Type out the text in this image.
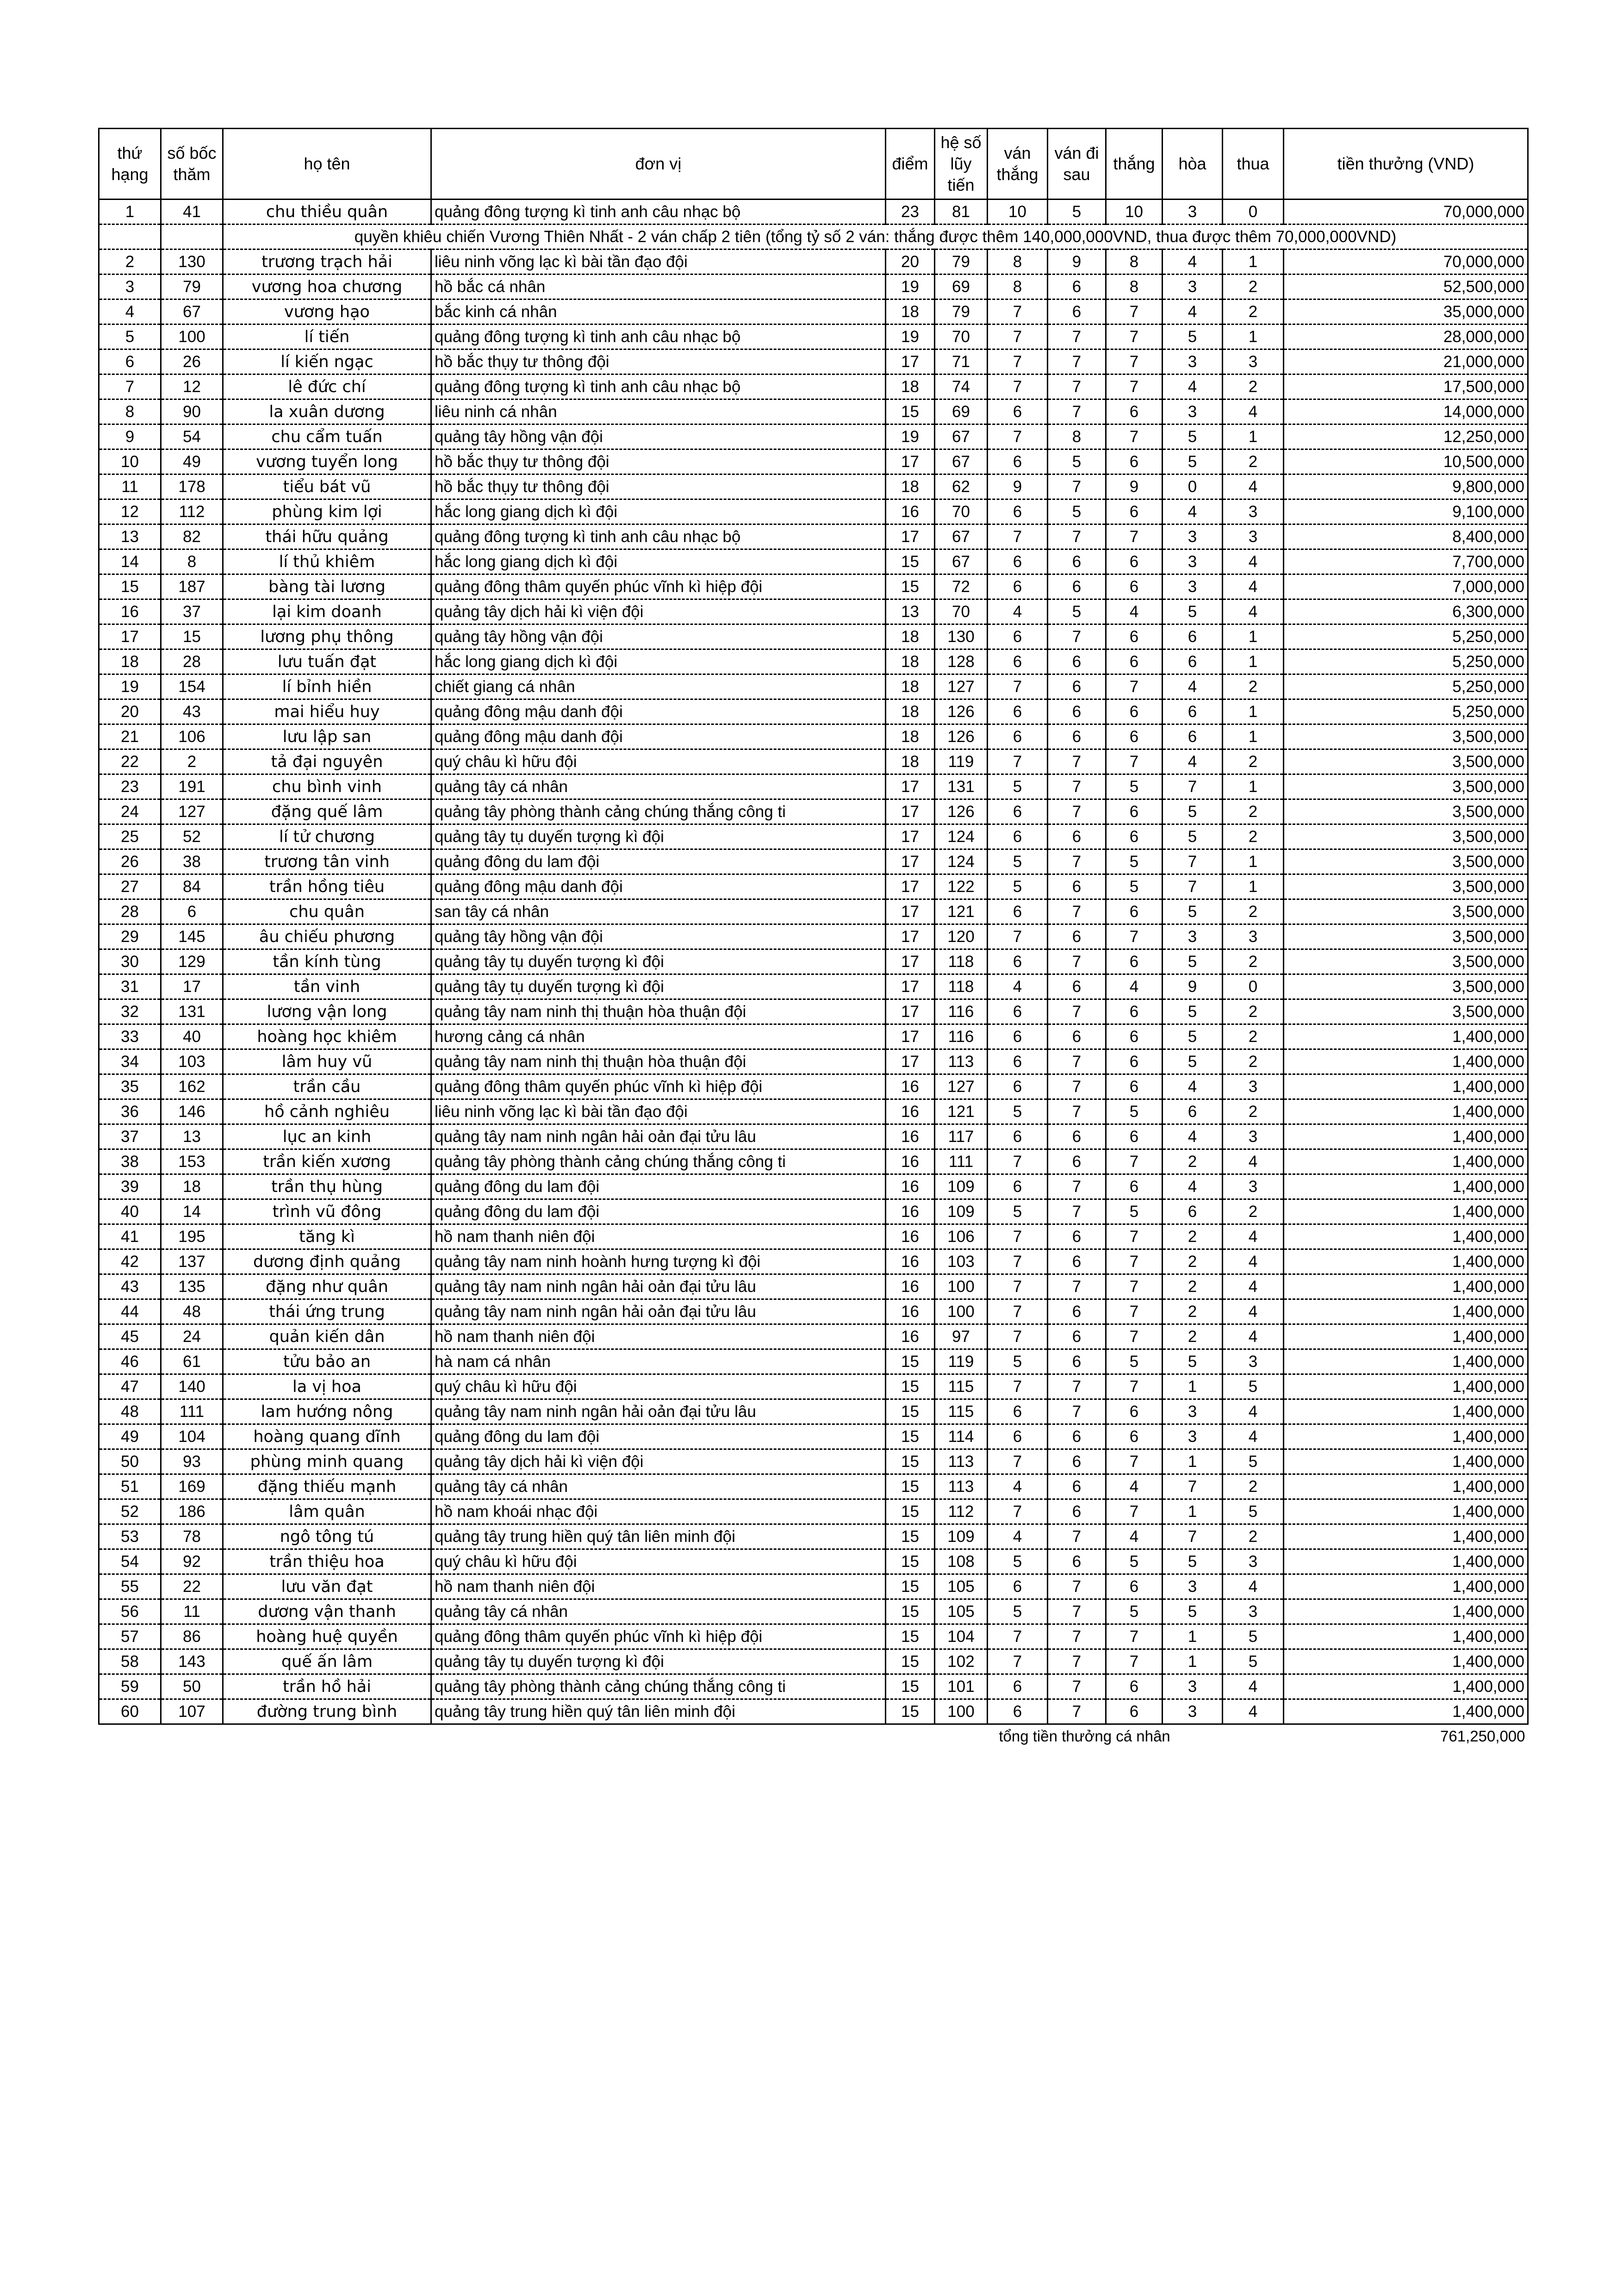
thứ hạng	số bốc thăm	họ tên	đơn vị	điểm	hệ số lũy tiến	ván thắng	ván đi sau	thắng	hòa	thua	tiền thưởng (VND)
1	41	chu thiều quân	quảng đông tượng kì tinh anh câu nhạc bộ	23	81	10	5	10	3	0	70,000,000
		quyền khiêu chiến Vương Thiên Nhất - 2 ván chấp 2 tiên (tổng tỷ số 2 ván: thắng được thêm 140,000,000VND, thua được thêm 70,000,000VND)									
2	130	trương trạch hải	liêu ninh võng lạc kì bài tần đạo đội	20	79	8	9	8	4	1	70,000,000
3	79	vương hoa chương	hồ bắc cá nhân	19	69	8	6	8	3	2	52,500,000
4	67	vương hạo	bắc kinh cá nhân	18	79	7	6	7	4	2	35,000,000
5	100	lí tiến	quảng đông tượng kì tinh anh câu nhạc bộ	19	70	7	7	7	5	1	28,000,000
6	26	lí kiến ngạc	hồ bắc thụy tư thông đội	17	71	7	7	7	3	3	21,000,000
7	12	lê đức chí	quảng đông tượng kì tinh anh câu nhạc bộ	18	74	7	7	7	4	2	17,500,000
8	90	la xuân dương	liêu ninh cá nhân	15	69	6	7	6	3	4	14,000,000
9	54	chu cẩm tuấn	quảng tây hồng vận đội	19	67	7	8	7	5	1	12,250,000
10	49	vương tuyển long	hồ bắc thụy tư thông đội	17	67	6	5	6	5	2	10,500,000
11	178	tiểu bát vũ	hồ bắc thụy tư thông đội	18	62	9	7	9	0	4	9,800,000
12	112	phùng kim lợi	hắc long giang dịch kì đội	16	70	6	5	6	4	3	9,100,000
13	82	thái hữu quảng	quảng đông tượng kì tinh anh câu nhạc bộ	17	67	7	7	7	3	3	8,400,000
14	8	lí thủ khiêm	hắc long giang dịch kì đội	15	67	6	6	6	3	4	7,700,000
15	187	bàng tài lương	quảng đông thâm quyến phúc vĩnh kì hiệp đội	15	72	6	6	6	3	4	7,000,000
16	37	lại kim doanh	quảng tây dịch hải kì viện đội	13	70	4	5	4	5	4	6,300,000
17	15	lương phụ thông	quảng tây hồng vận đội	18	130	6	7	6	6	1	5,250,000
18	28	lưu tuấn đạt	hắc long giang dịch kì đội	18	128	6	6	6	6	1	5,250,000
19	154	lí bỉnh hiền	chiết giang cá nhân	18	127	7	6	7	4	2	5,250,000
20	43	mai hiểu huy	quảng đông mậu danh đội	18	126	6	6	6	6	1	5,250,000
21	106	lưu lập san	quảng đông mậu danh đội	18	126	6	6	6	6	1	3,500,000
22	2	tả đại nguyên	quý châu kì hữu đội	18	119	7	7	7	4	2	3,500,000
23	191	chu bình vinh	quảng tây cá nhân	17	131	5	7	5	7	1	3,500,000
24	127	đặng quế lâm	quảng tây phòng thành cảng chúng thắng công ti	17	126	6	7	6	5	2	3,500,000
25	52	lí tử chương	quảng tây tụ duyến tượng kì đội	17	124	6	6	6	5	2	3,500,000
26	38	trương tân vinh	quảng đông du lam đội	17	124	5	7	5	7	1	3,500,000
27	84	trần hồng tiêu	quảng đông mậu danh đội	17	122	5	6	5	7	1	3,500,000
28	6	chu quân	san tây cá nhân	17	121	6	7	6	5	2	3,500,000
29	145	âu chiếu phương	quảng tây hồng vận đội	17	120	7	6	7	3	3	3,500,000
30	129	tần kính tùng	quảng tây tụ duyến tượng kì đội	17	118	6	7	6	5	2	3,500,000
31	17	tần vinh	quảng tây tụ duyến tượng kì đội	17	118	4	6	4	9	0	3,500,000
32	131	lương vận long	quảng tây nam ninh thị thuận hòa thuận đội	17	116	6	7	6	5	2	3,500,000
33	40	hoàng học khiêm	hương cảng cá nhân	17	116	6	6	6	5	2	1,400,000
34	103	lâm huy vũ	quảng tây nam ninh thị thuận hòa thuận đội	17	113	6	7	6	5	2	1,400,000
35	162	trần cầu	quảng đông thâm quyến phúc vĩnh kì hiệp đội	16	127	6	7	6	4	3	1,400,000
36	146	hồ cảnh nghiêu	liêu ninh võng lạc kì bài tần đạo đội	16	121	5	7	5	6	2	1,400,000
37	13	lục an kinh	quảng tây nam ninh ngân hải oản đại tửu lâu	16	117	6	6	6	4	3	1,400,000
38	153	trần kiến xương	quảng tây phòng thành cảng chúng thắng công ti	16	111	7	6	7	2	4	1,400,000
39	18	trần thụ hùng	quảng đông du lam đội	16	109	6	7	6	4	3	1,400,000
40	14	trình vũ đông	quảng đông du lam đội	16	109	5	7	5	6	2	1,400,000
41	195	tăng kì	hồ nam thanh niên đội	16	106	7	6	7	2	4	1,400,000
42	137	dương định quảng	quảng tây nam ninh hoành hưng tượng kì đội	16	103	7	6	7	2	4	1,400,000
43	135	đặng như quân	quảng tây nam ninh ngân hải oản đại tửu lâu	16	100	7	7	7	2	4	1,400,000
44	48	thái ứng trung	quảng tây nam ninh ngân hải oản đại tửu lâu	16	100	7	6	7	2	4	1,400,000
45	24	quản kiến dân	hồ nam thanh niên đội	16	97	7	6	7	2	4	1,400,000
46	61	tửu bảo an	hà nam cá nhân	15	119	5	6	5	5	3	1,400,000
47	140	la vị hoa	quý châu kì hữu đội	15	115	7	7	7	1	5	1,400,000
48	111	lam hướng nông	quảng tây nam ninh ngân hải oản đại tửu lâu	15	115	6	7	6	3	4	1,400,000
49	104	hoàng quang dĩnh	quảng đông du lam đội	15	114	6	6	6	3	4	1,400,000
50	93	phùng minh quang	quảng tây dịch hải kì viện đội	15	113	7	6	7	1	5	1,400,000
51	169	đặng thiếu mạnh	quảng tây cá nhân	15	113	4	6	4	7	2	1,400,000
52	186	lâm quân	hồ nam khoái nhạc đội	15	112	7	6	7	1	5	1,400,000
53	78	ngô tông tú	quảng tây trung hiền quý tân liên minh đội	15	109	4	7	4	7	2	1,400,000
54	92	trần thiệu hoa	quý châu kì hữu đội	15	108	5	6	5	5	3	1,400,000
55	22	lưu văn đạt	hồ nam thanh niên đội	15	105	6	7	6	3	4	1,400,000
56	11	dương vận thanh	quảng tây cá nhân	15	105	5	7	5	5	3	1,400,000
57	86	hoàng huệ quyền	quảng đông thâm quyến phúc vĩnh kì hiệp đội	15	104	7	7	7	1	5	1,400,000
58	143	quế ấn lâm	quảng tây tụ duyến tượng kì đội	15	102	7	7	7	1	5	1,400,000
59	50	trần hồ hải	quảng tây phòng thành cảng chúng thắng công ti	15	101	6	7	6	3	4	1,400,000
60	107	đường trung bình	quảng tây trung hiền quý tân liên minh đội	15	100	6	7	6	3	4	1,400,000
				tổng tiền thưởng cá nhân							761,250,000
